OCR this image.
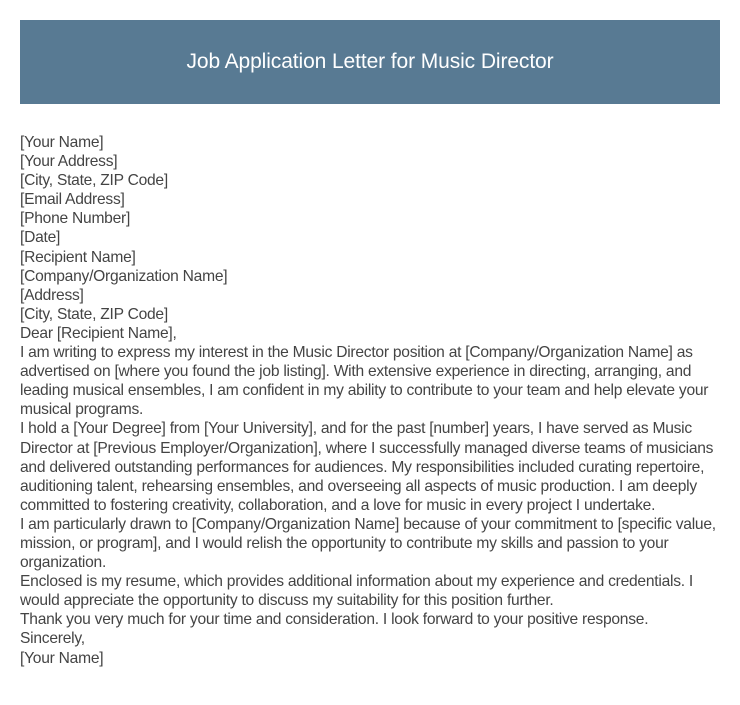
Job Application Letter for Music Director

[Your Name]

[Your Address]

[City, State, ZIP Code]

[Email Address]

[Phone Number]

[Date]

[Recipient Name]

[Company/Organization Name]

[Address]

[City, State, ZIP Code]

Dear [Recipient Name],

I am writing to express my interest in the Music Director position at [Company/Organization Name] as advertised on [where you found the job listing]. With extensive experience in directing, arranging, and leading musical ensembles, I am confident in my ability to contribute to your team and help elevate your musical programs.

I hold a [Your Degree] from [Your University], and for the past [number] years, I have served as Music Director at [Previous Employer/Organization], where I successfully managed diverse teams of musicians and delivered outstanding performances for audiences. My responsibilities included curating repertoire, auditioning talent, rehearsing ensembles, and overseeing all aspects of music production. I am deeply committed to fostering creativity, collaboration, and a love for music in every project I undertake.

I am particularly drawn to [Company/Organization Name] because of your commitment to [specific value, mission, or program], and I would relish the opportunity to contribute my skills and passion to your organization.

Enclosed is my resume, which provides additional information about my experience and credentials. I would appreciate the opportunity to discuss my suitability for this position further.

Thank you very much for your time and consideration. I look forward to your positive response.

Sincerely,

[Your Name]
